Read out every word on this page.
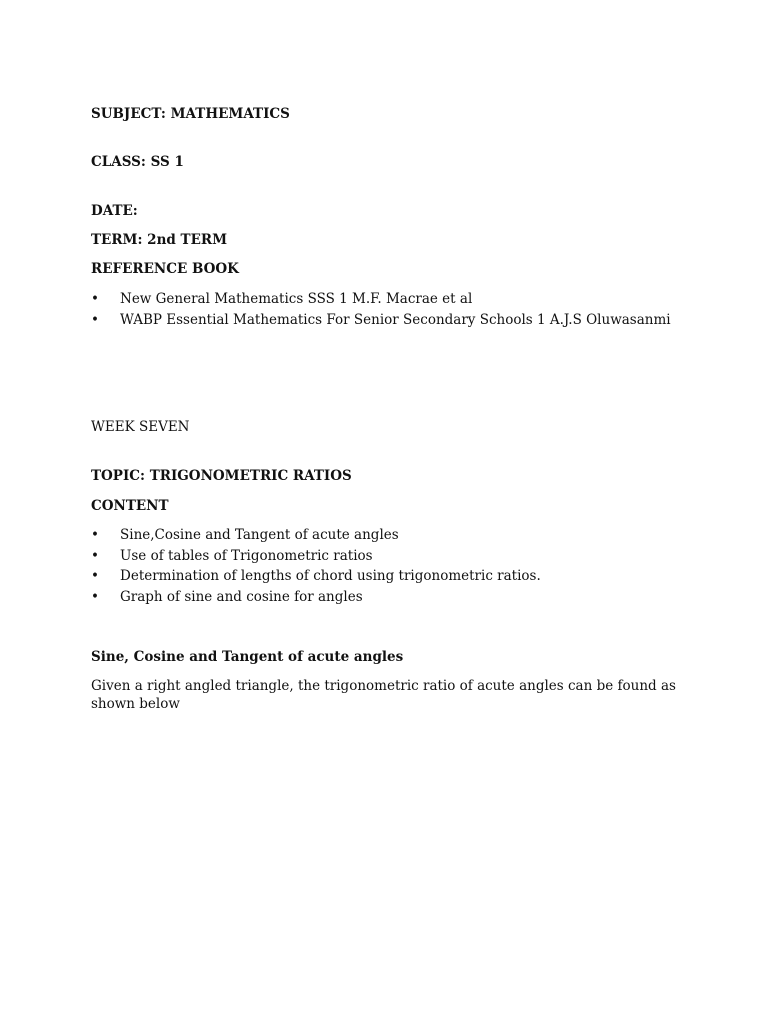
SUBJECT: MATHEMATICS
CLASS: SS 1
DATE:
TERM: 2nd TERM
REFERENCE BOOK
• New General Mathematics SSS 1 M.F. Macrae et al
• WABP Essential Mathematics For Senior Secondary Schools 1 A.J.S Oluwasanmi
WEEK SEVEN
TOPIC: TRIGONOMETRIC RATIOS
CONTENT
• Sine,Cosine and Tangent of acute angles
• Use of tables of Trigonometric ratios
• Determination of lengths of chord using trigonometric ratios.
• Graph of sine and cosine for angles
Sine, Cosine and Tangent of acute angles
Given a right angled triangle, the trigonometric ratio of acute angles can be found as shown below
